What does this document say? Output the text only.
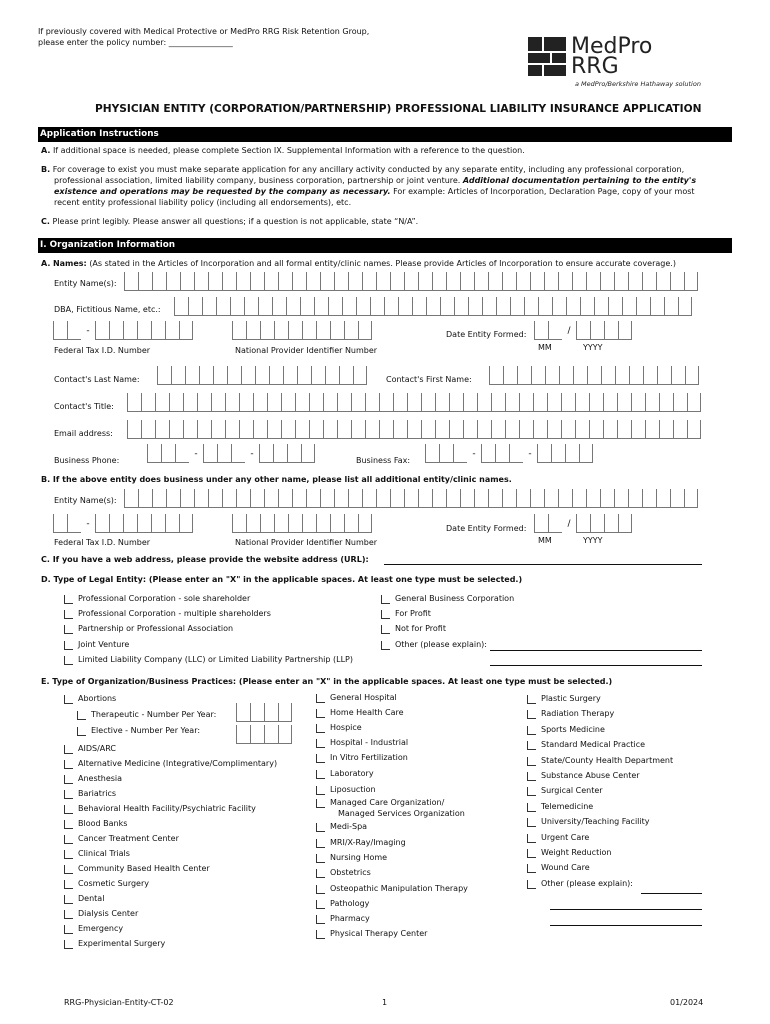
If previously covered with Medical Protective or MedPro RRG Risk Retention Group,
please enter the policy number: ________________	MedPro
RRG
a MedPro/Berkshire Hathaway solution
PHYSICIAN ENTITY (CORPORATION/PARTNERSHIP) PROFESSIONAL LIABILITY INSURANCE APPLICATION
Application Instructions
A. If additional space is needed, please complete Section IX. Supplemental Information with a reference to the question.
B. For coverage to exist you must make separate application for any ancillary activity conducted by any separate entity, including any professional corporation,
professional association, limited liability company, business corporation, partnership or joint venture. Additional documentation pertaining to the entity's
existence and operations may be requested by the company as necessary. For example: Articles of Incorporation, Declaration Page, copy of your most
recent entity professional liability policy (including all endorsements), etc.
C. Please print legibly. Please answer all questions; if a question is not applicable, state “N/A”.
I. Organization Information
A. Names: (As stated in the Articles of Incorporation and all formal entity/clinic names. Please provide Articles of Incorporation to ensure accurate coverage.)
Entity Name(s):
DBA, Fictitious Name, etc.:
-	Date Entity Formed:	/
Federal Tax I.D. Number	National Provider Identifier Number	MM	YYYY
Contact's Last Name:	Contact's First Name:
Contact's Title:
Email address:
Business Phone:
-	-
Business Fax:
-	-
B. If the above entity does business under any other name, please list all additional entity/clinic names.
Entity Name(s):
-	Date Entity Formed:	/
Federal Tax I.D. Number	National Provider Identifier Number	MM	YYYY
C. If you have a web address, please provide the website address (URL):
D. Type of Legal Entity: (Please enter an "X" in the applicable spaces. At least one type must be selected.)
Professional Corporation - sole shareholder
Professional Corporation - multiple shareholders
Partnership or Professional Association
Joint Venture
Limited Liability Company (LLC) or Limited Liability Partnership (LLP)
General Business Corporation
For Profit
Not for Profit
Other (please explain):
E. Type of Organization/Business Practices: (Please enter an "X" in the applicable spaces. At least one type must be selected.)
Abortions
Therapeutic - Number Per Year:
Elective - Number Per Year:
AIDS/ARC
Alternative Medicine (Integrative/Complimentary)
Anesthesia
Bariatrics
Behavioral Health Facility/Psychiatric Facility
Blood Banks
Cancer Treatment Center
Clinical Trials
Community Based Health Center
Cosmetic Surgery
Dental
Dialysis Center
Emergency
Experimental Surgery
General Hospital
Home Health Care
Hospice
Hospital - Industrial
In Vitro Fertilization
Laboratory
Liposuction
Managed Care Organization/
Managed Services Organization
Medi-Spa
MRI/X-Ray/Imaging
Nursing Home
Obstetrics
Osteopathic Manipulation Therapy
Pathology
Pharmacy
Physical Therapy Center
Plastic Surgery
Radiation Therapy
Sports Medicine
Standard Medical Practice
State/County Health Department
Substance Abuse Center
Surgical Center
Telemedicine
University/Teaching Facility
Urgent Care
Weight Reduction
Wound Care
Other (please explain):
RRG-Physician-Entity-CT-02	1	01/2024
